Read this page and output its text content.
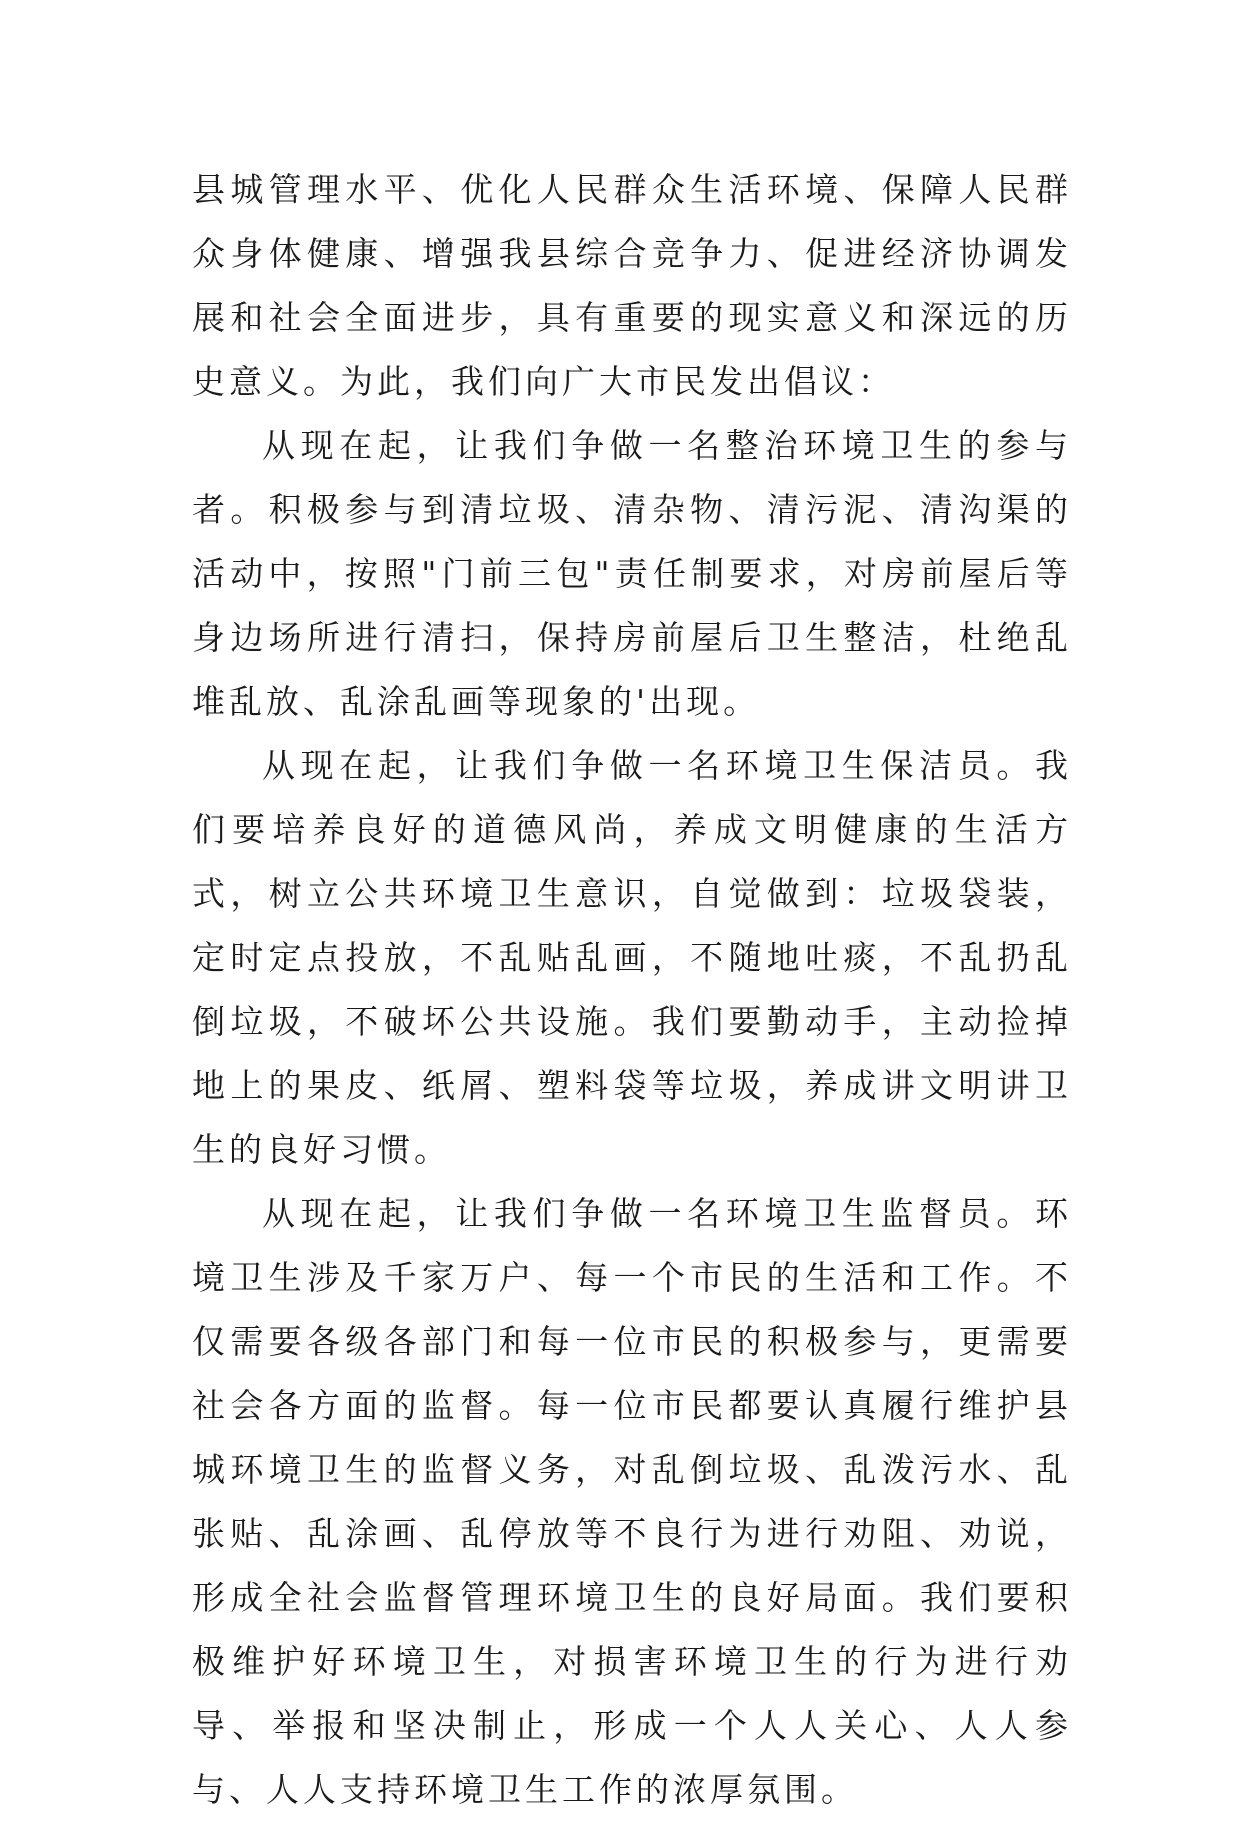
县城管理水平、优化人民群众生活环境、保障人民群众身体健康、增强我县综合竞争力、促进经济协调发展和社会全面进步，具有重要的现实意义和深远的历史意义。为此，我们向广大市民发出倡议：

从现在起，让我们争做一名整治环境卫生的参与者。积极参与到清垃圾、清杂物、清污泥、清沟渠的活动中，按照"门前三包"责任制要求，对房前屋后等身边场所进行清扫，保持房前屋后卫生整洁，杜绝乱堆乱放、乱涂乱画等现象的'出现。

从现在起，让我们争做一名环境卫生保洁员。我们要培养良好的道德风尚，养成文明健康的生活方式，树立公共环境卫生意识，自觉做到：垃圾袋装，定时定点投放，不乱贴乱画，不随地吐痰，不乱扔乱倒垃圾，不破坏公共设施。我们要勤动手，主动捡掉地上的果皮、纸屑、塑料袋等垃圾，养成讲文明讲卫生的良好习惯。

从现在起，让我们争做一名环境卫生监督员。环境卫生涉及千家万户、每一个市民的生活和工作。不仅需要各级各部门和每一位市民的积极参与，更需要社会各方面的监督。每一位市民都要认真履行维护县城环境卫生的监督义务，对乱倒垃圾、乱泼污水、乱张贴、乱涂画、乱停放等不良行为进行劝阻、劝说，形成全社会监督管理环境卫生的良好局面。我们要积极维护好环境卫生，对损害环境卫生的行为进行劝导、举报和坚决制止，形成一个人人关心、人人参与、人人支持环境卫生工作的浓厚氛围。
